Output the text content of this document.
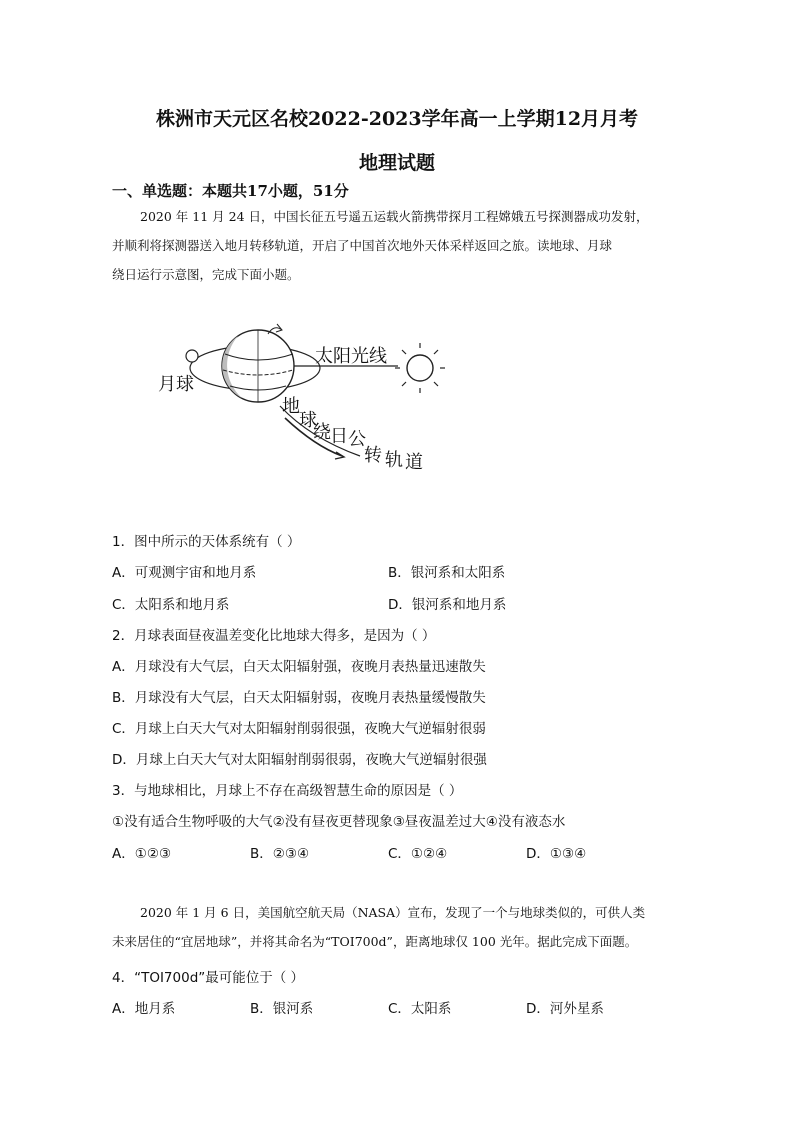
株洲市天元区名校2022-2023学年高一上学期12月月考
地理试题
一、单选题：本题共17小题，51分
2020 年 11 月 24 日，中国长征五号遥五运载火箭携带探月工程嫦娥五号探测器成功发射，
并顺利将探测器送入地月转移轨道，开启了中国首次地外天体采样返回之旅。读地球、月球
绕日运行示意图，完成下面小题。
月球
太阳光线
地
球
绕 日 公
转 轨 道
1．图中所示的天体系统有（ ）
A．可观测宇宙和地月系	B．银河系和太阳系
C．太阳系和地月系	D．银河系和地月系
2．月球表面昼夜温差变化比地球大得多，是因为（ ）
A．月球没有大气层，白天太阳辐射强，夜晚月表热量迅速散失
B．月球没有大气层，白天太阳辐射弱，夜晚月表热量缓慢散失
C．月球上白天大气对太阳辐射削弱很强，夜晚大气逆辐射很弱
D．月球上白天大气对太阳辐射削弱很弱，夜晚大气逆辐射很强
3．与地球相比，月球上不存在高级智慧生命的原因是（ ）
①没有适合生物呼吸的大气②没有昼夜更替现象③昼夜温差过大④没有液态水
A．①②③	B．②③④	C．①②④	D．①③④
2020 年 1 月 6 日，美国航空航天局（NASA）宣布，发现了一个与地球类似的，可供人类
未来居住的“宜居地球”，并将其命名为“TOI700d”，距离地球仅 100 光年。据此完成下面题。
4．“TOI700d”最可能位于（ ）
A．地月系	B．银河系	C．太阳系	D．河外星系
